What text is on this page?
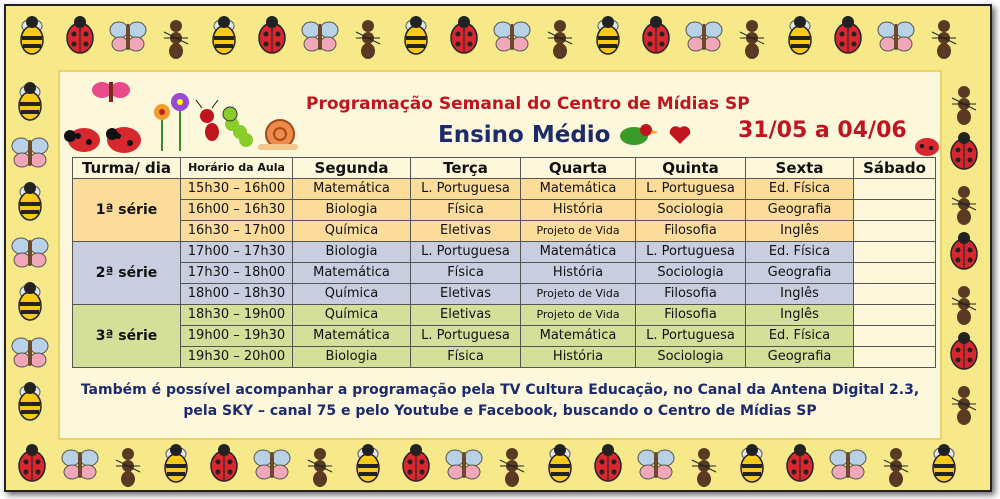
Programação Semanal do Centro de Mídias SP
Ensino Médio	31/05 a 04/06
Turma/ dia	Horário da Aula	Segunda	Terça	Quarta	Quinta	Sexta	Sábado
1ª série	15h30 – 16h00	Matemática	L. Portuguesa	Matemática	L. Portuguesa	Ed. Física	
	16h00 – 16h30	Biologia	Física	História	Sociologia	Geografia	
	16h30 – 17h00	Química	Eletivas	Projeto de Vida	Filosofia	Inglês	
2ª série	17h00 – 17h30	Biologia	L. Portuguesa	Matemática	L. Portuguesa	Ed. Física	
	17h30 – 18h00	Matemática	Física	História	Sociologia	Geografia	
	18h00 – 18h30	Química	Eletivas	Projeto de Vida	Filosofia	Inglês	
3ª série	18h30 – 19h00	Química	Eletivas	Projeto de Vida	Filosofia	Inglês	
	19h00 – 19h30	Matemática	L. Portuguesa	Matemática	L. Portuguesa	Ed. Física	
	19h30 – 20h00	Biologia	Física	História	Sociologia	Geografia	
Também é possível acompanhar a programação pela TV Cultura Educação, no Canal da Antena Digital 2.3, pela SKY – canal 75 e pelo Youtube e Facebook, buscando o Centro de Mídias SP
